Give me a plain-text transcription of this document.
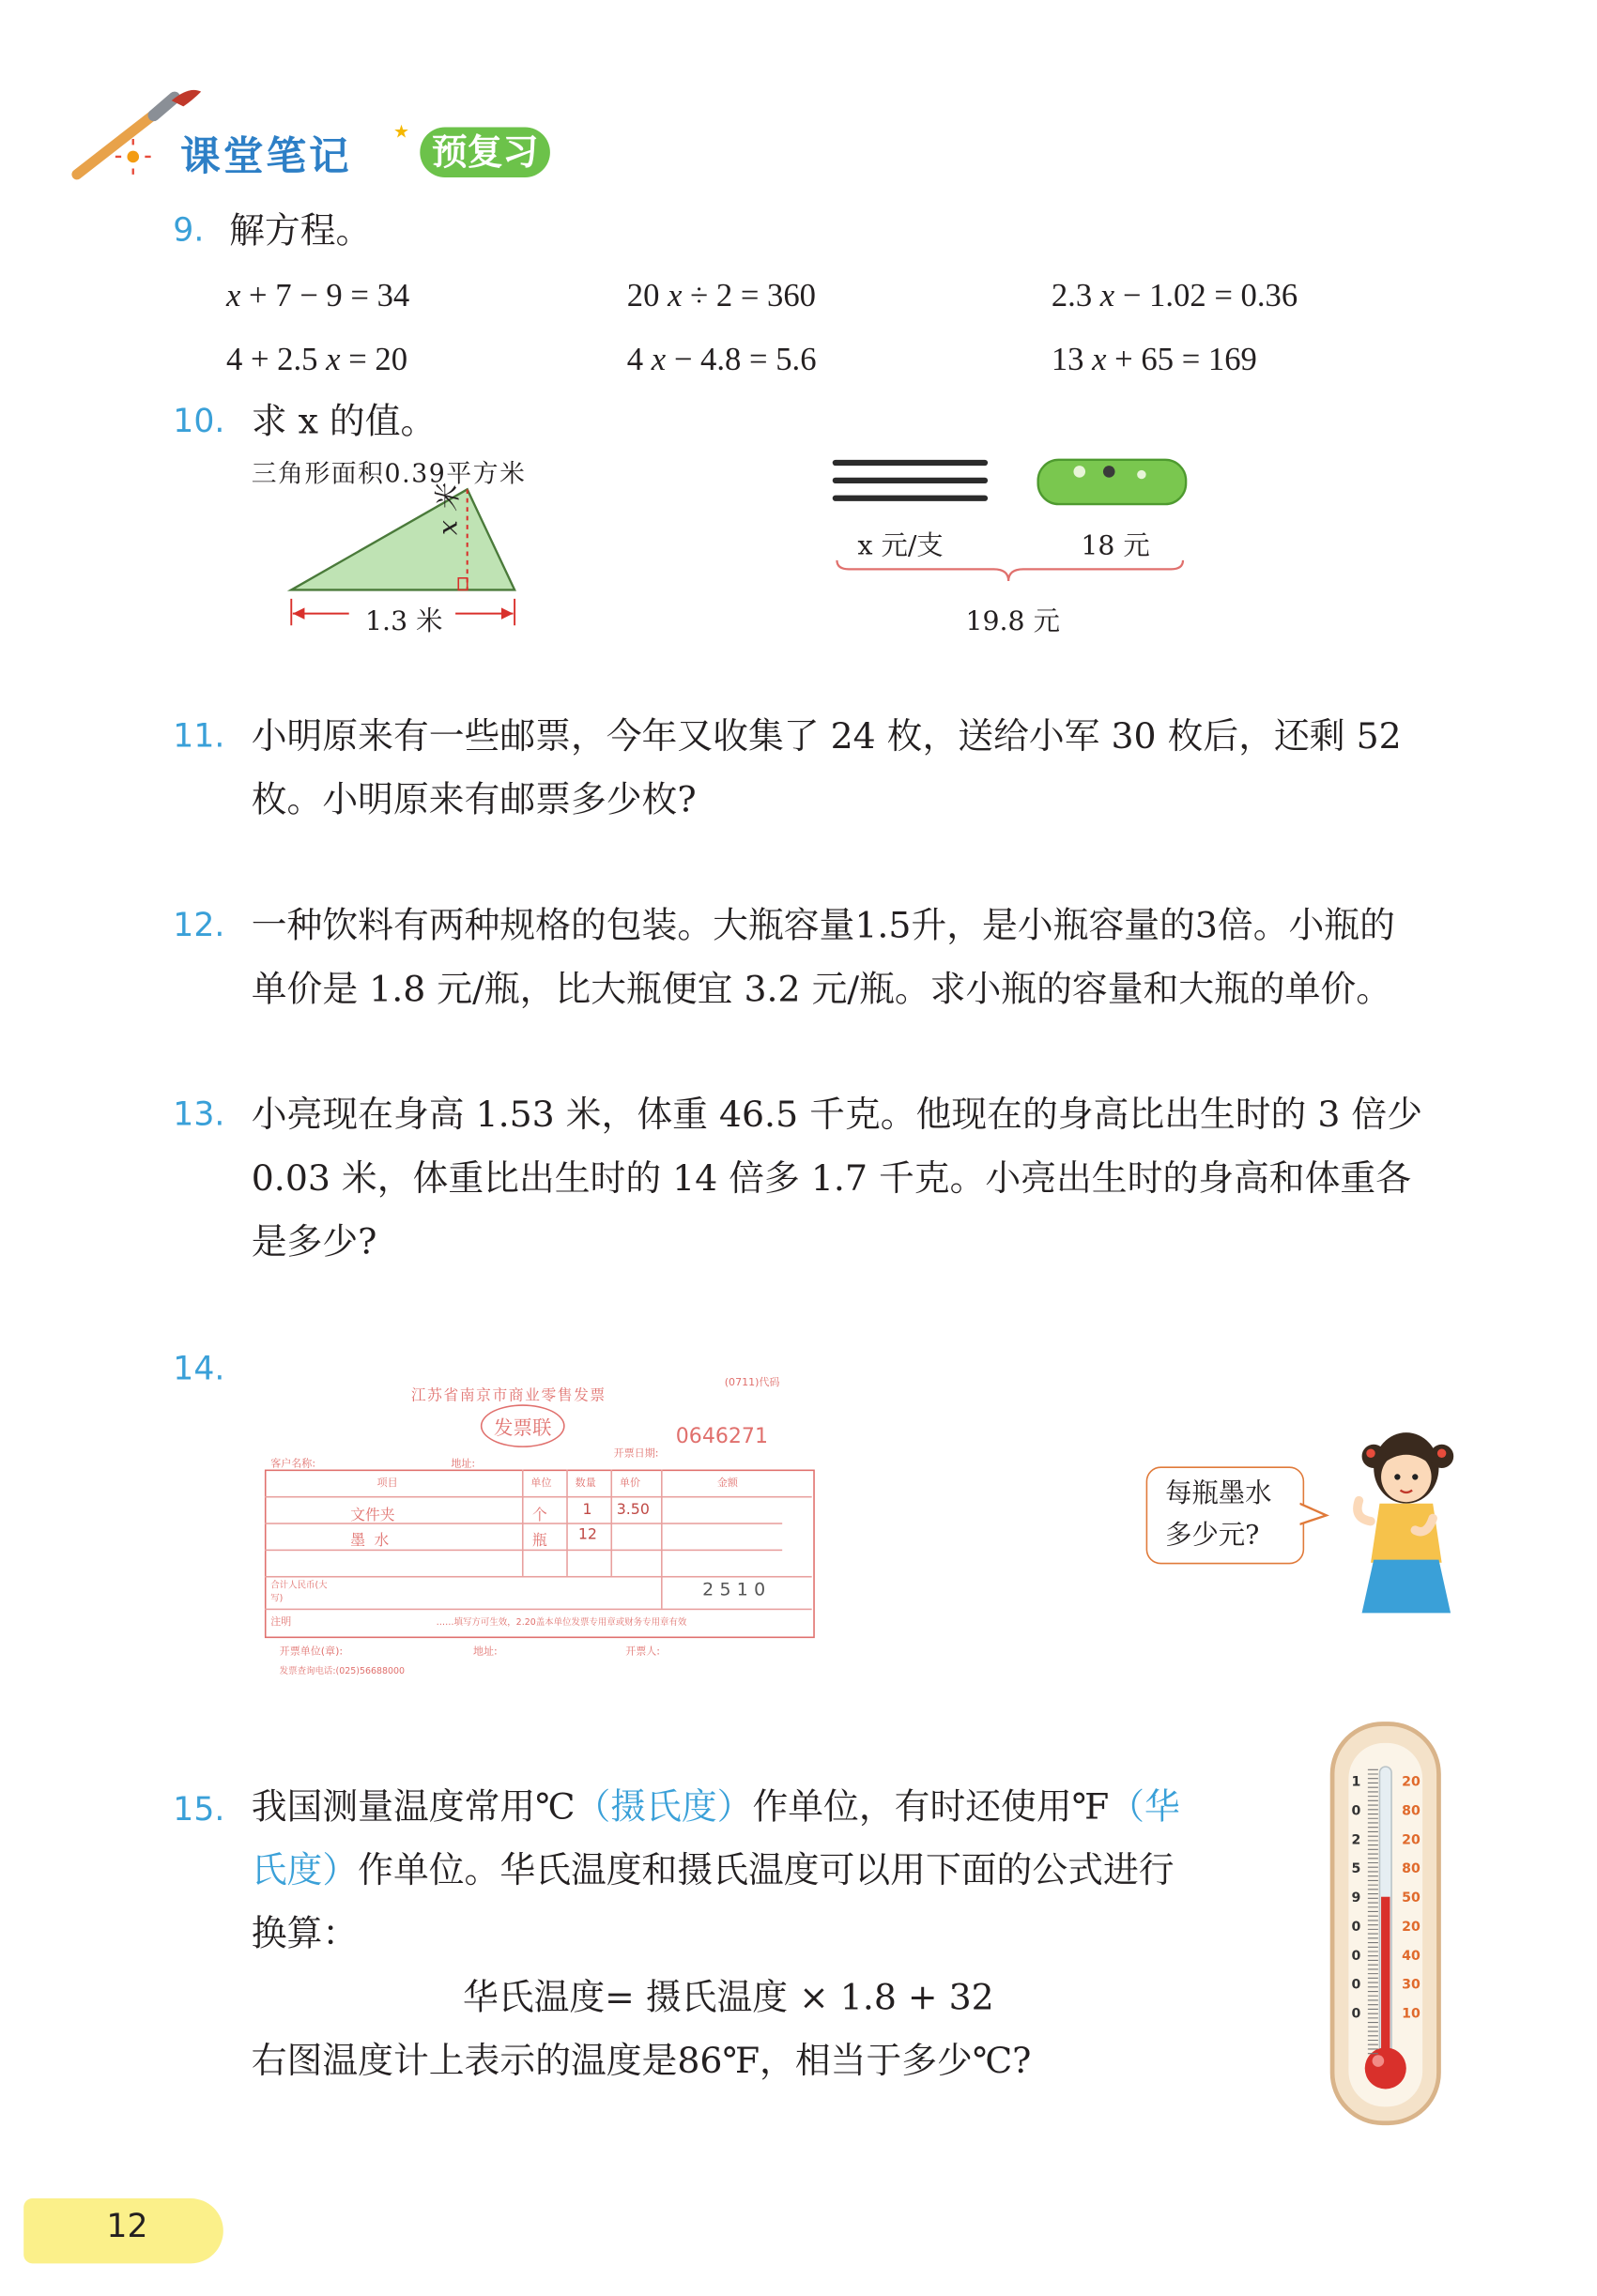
课堂笔记
★ 预复习
9. 解方程。
x + 7 − 9 = 34	20 x ÷ 2 = 360	2.3 x − 1.02 = 0.36
4 + 2.5 x = 20	4 x − 4.8 = 5.6	13 x + 65 = 169
10. 求 x 的值。
三角形面积0.39平方米
1.3 米
x 米
x 元/支	18 元
19.8 元
11. 小明原来有一些邮票，今年又收集了 24 枚，送给小军 30 枚后，还剩 52
枚。小明原来有邮票多少枚?
12. 一种饮料有两种规格的包装。大瓶容量1.5升，是小瓶容量的3倍。小瓶的
单价是 1.8 元/瓶，比大瓶便宜 3.2 元/瓶。求小瓶的容量和大瓶的单价。
13. 小亮现在身高 1.53 米，体重 46.5 千克。他现在的身高比出生时的 3 倍少
0.03 米，体重比出生时的 14 倍多 1.7 千克。小亮出生时的身高和体重各
是多少?
14.
江苏省南京市商业零售发票
发票联
(0711)代码
0646271
客户名称:	地址:
开票日期:
项目	单位	数量	单价	金额
文件夹	个	1	3.50
墨水	瓶	12
合计人民币(大写)	2510
注明	……填写方可生效，2.20盖本单位发票专用章或财务专用章有效
开票单位(章):	地址:	开票人:
发票查询电话:(025)56688000
每瓶墨水
多少元?
15. 我国测量温度常用℃（摄氏度）作单位，有时还使用℉（华
氏度）作单位。华氏温度和摄氏温度可以用下面的公式进行
换算：
华氏温度= 摄氏温度 × 1.8 + 32
右图温度计上表示的温度是86℉，相当于多少℃?
1
0
2
5
9
0
0
0
0
20
80
20
80
50
20
40
30
10
12
